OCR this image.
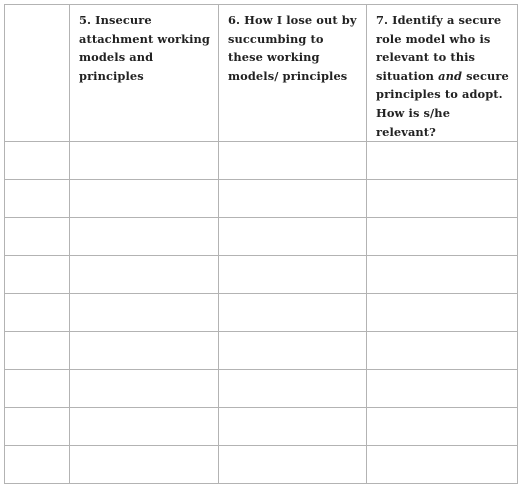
	5. Insecure attachment working models and principles	6. How I lose out by succumbing to these working models/ principles	7. Identify a secure role model who is relevant to this situation and secure principles to adopt. How is s/he relevant?
